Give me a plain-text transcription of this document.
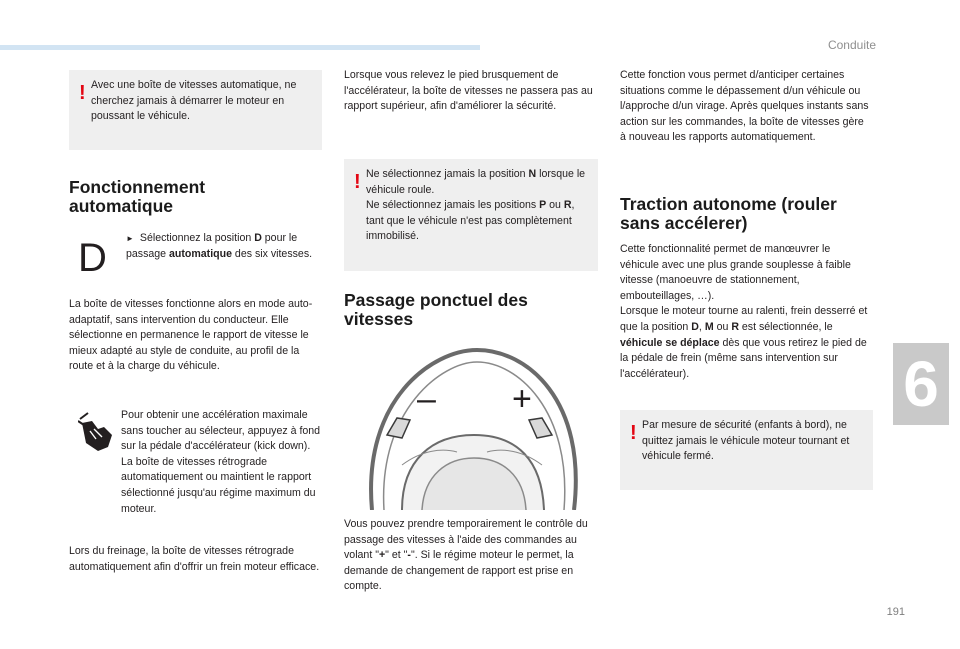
Conduite
6
191
! Avec une boîte de vitesses automatique, ne cherchez jamais à démarrer le moteur en poussant le véhicule.
Fonctionnement automatique
D ► Sélectionnez la position D pour le passage automatique des six vitesses.
La boîte de vitesses fonctionne alors en mode auto-adaptatif, sans intervention du conducteur. Elle sélectionne en permanence le rapport de vitesse le mieux adapté au style de conduite, au profil de la route et à la charge du véhicule.
Pour obtenir une accélération maximale sans toucher au sélecteur, appuyez à fond sur la pédale d'accélérateur (kick down). La boîte de vitesses rétrograde automatiquement ou maintient le rapport sélectionné jusqu'au régime maximum du moteur.
Lors du freinage, la boîte de vitesses rétrograde automatiquement afin d'offrir un frein moteur efficace.
Lorsque vous relevez le pied brusquement de l'accélérateur, la boîte de vitesses ne passera pas au rapport supérieur, afin d'améliorer la sécurité.
! Ne sélectionnez jamais la position N lorsque le véhicule roule.
Ne sélectionnez jamais les positions P ou R, tant que le véhicule n'est pas complètement immobilisé.
Passage ponctuel des vitesses
– +
Vous pouvez prendre temporairement le contrôle du passage des vitesses à l'aide des commandes au volant "+" et "-". Si le régime moteur le permet, la demande de changement de rapport est prise en compte.
Cette fonction vous permet d/anticiper certaines situations comme le dépassement d/un véhicule ou l/approche d/un virage. Après quelques instants sans action sur les commandes, la boîte de vitesses gère à nouveau les rapports automatiquement.
Traction autonome (rouler sans accélerer)
Cette fonctionnalité permet de manœuvrer le véhicule avec une plus grande souplesse à faible vitesse (manoeuvre de stationnement, embouteillages, …).
Lorsque le moteur tourne au ralenti, frein desserré et que la position D, M ou R est sélectionnée, le véhicule se déplace dès que vous retirez le pied de la pédale de frein (même sans intervention sur l'accélérateur).
! Par mesure de sécurité (enfants à bord), ne quittez jamais le véhicule moteur tournant et véhicule fermé.
